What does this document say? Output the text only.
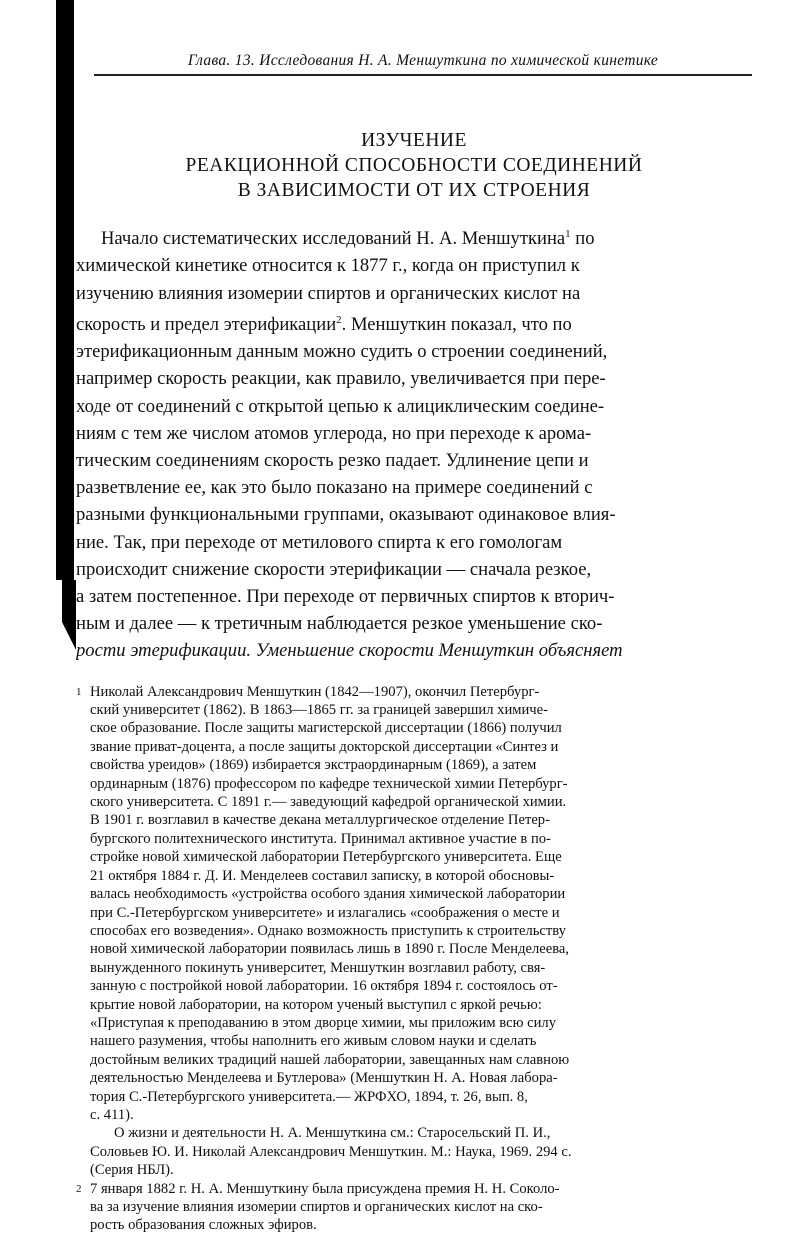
Глава. 13. Исследования Н. А. Меншуткина по химической кинетике
ИЗУЧЕНИЕ
РЕАКЦИОННОЙ СПОСОБНОСТИ СОЕДИНЕНИЙ
В ЗАВИСИМОСТИ ОТ ИХ СТРОЕНИЯ
Начало систематических исследований Н. А. Меншуткина$^1$ по
химической кинетике относится к 1877 г., когда он приступил к
изучению влияния изомерии спиртов и органических кислот на
скорость и предел этерификации$^2$. Меншуткин показал, что по
этерификационным данным можно судить о строении соединений,
например скорость реакции, как правило, увеличивается при пере-
ходе от соединений с открытой цепью к алициклическим соедине-
ниям с тем же числом атомов углерода, но при переходе к арома-
тическим соединениям скорость резко падает. Удлинение цепи и
разветвление ее, как это было показано на примере соединений с
разными функциональными группами, оказывают одинаковое влия-
ние. Так, при переходе от метилового спирта к его гомологам
происходит снижение скорости этерификации — сначала резкое,
а затем постепенное. При переходе от первичных спиртов к вторич-
ным и далее — к третичным наблюдается резкое уменьшение ско-
рости этерификации. Уменьшение скорости Меншуткин объясняет
1 Николай Александрович Меншуткин (1842—1907), окончил Петербург-
ский университет (1862). В 1863—1865 гг. за границей завершил химиче-
ское образование. После защиты магистерской диссертации (1866) получил
звание приват-доцента, а после защиты докторской диссертации «Синтез и
свойства уреидов» (1869) избирается экстраординарным (1869), а затем
ординарным (1876) профессором по кафедре технической химии Петербург-
ского университета. С 1891 г.— заведующий кафедрой органической химии.
В 1901 г. возглавил в качестве декана металлургическое отделение Петер-
бургского политехнического института. Принимал активное участие в по-
стройке новой химической лаборатории Петербургского университета. Еще
21 октября 1884 г. Д. И. Менделеев составил записку, в которой обосновы-
валась необходимость «устройства особого здания химической лаборатории
при С.-Петербургском университете» и излагались «соображения о месте и
способах его возведения». Однако возможность приступить к строительству
новой химической лаборатории появилась лишь в 1890 г. После Менделеева,
вынужденного покинуть университет, Меншуткин возглавил работу, свя-
занную с постройкой новой лаборатории. 16 октября 1894 г. состоялось от-
крытие новой лаборатории, на котором ученый выступил с яркой речью:
«Приступая к преподаванию в этом дворце химии, мы приложим всю силу
нашего разумения, чтобы наполнить его живым словом науки и сделать
достойным великих традиций нашей лаборатории, завещанных нам славною
деятельностью Менделеева и Бутлерова» (Меншуткин Н. А. Новая лабора-
тория С.-Петербургского университета.— ЖРФХО, 1894, т. 26, вып. 8,
с. 411).
О жизни и деятельности Н. А. Меншуткина см.: Старосельский П. И.,
Соловьев Ю. И. Николай Александрович Меншуткин. М.: Наука, 1969. 294 с.
(Серия НБЛ).
2 7 января 1882 г. Н. А. Меншуткину была присуждена премия Н. Н. Соколо-
ва за изучение влияния изомерии спиртов и органических кислот на ско-
рость образования сложных эфиров.
